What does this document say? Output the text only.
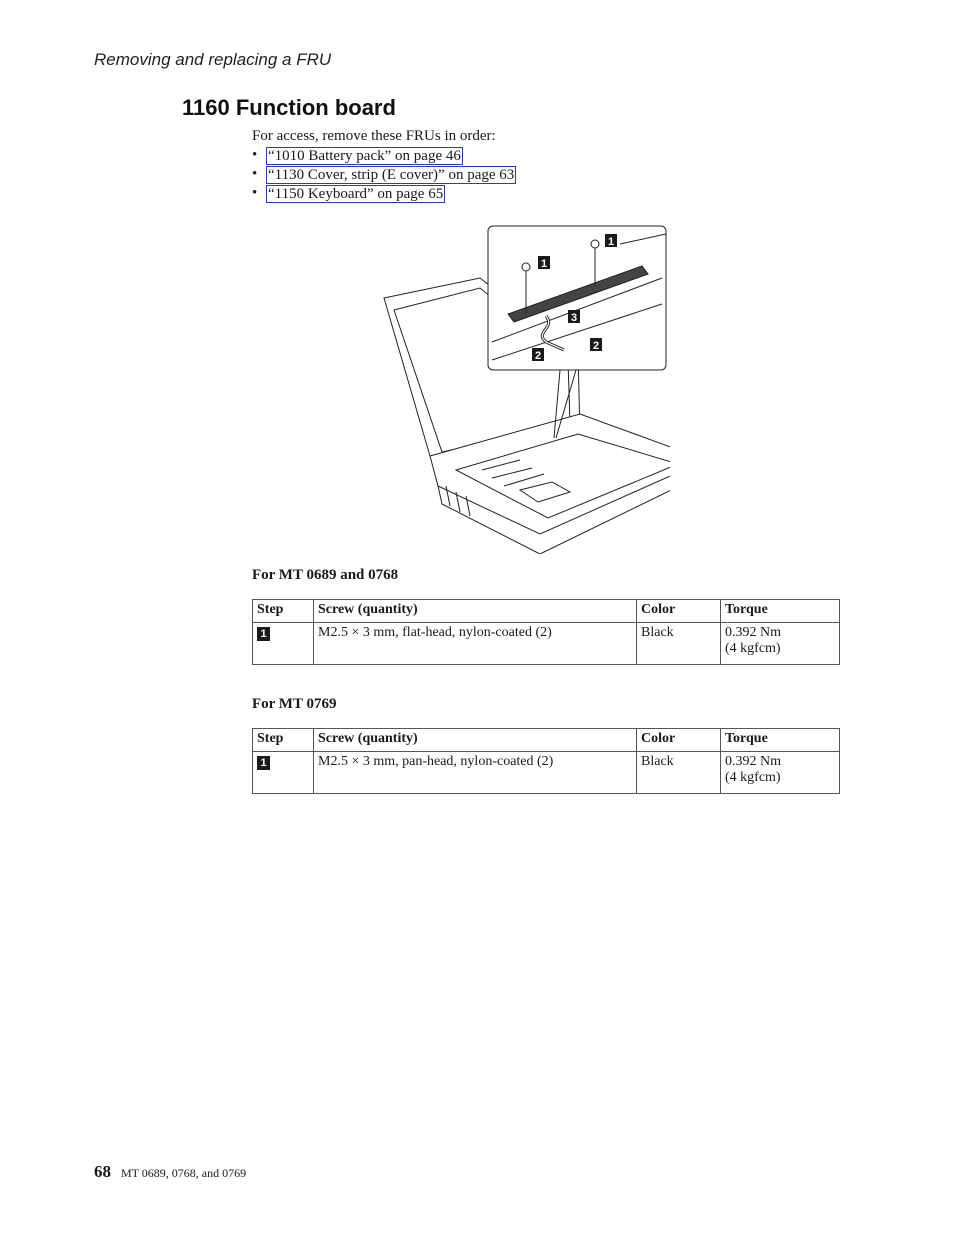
Removing and replacing a FRU
1160 Function board
For access, remove these FRUs in order:
• “1010 Battery pack” on page 46
• “1130 Cover, strip (E cover)” on page 63
• “1150 Keyboard” on page 65
1
1
3
2
2
For MT 0689 and 0768
Step	Screw (quantity)	Color	Torque
1	M2.5 × 3 mm, flat-head, nylon-coated (2)	Black	0.392 Nm
(4 kgfcm)
For MT 0769
Step	Screw (quantity)	Color	Torque
1	M2.5 × 3 mm, pan-head, nylon-coated (2)	Black	0.392 Nm
(4 kgfcm)
68 MT 0689, 0768, and 0769
